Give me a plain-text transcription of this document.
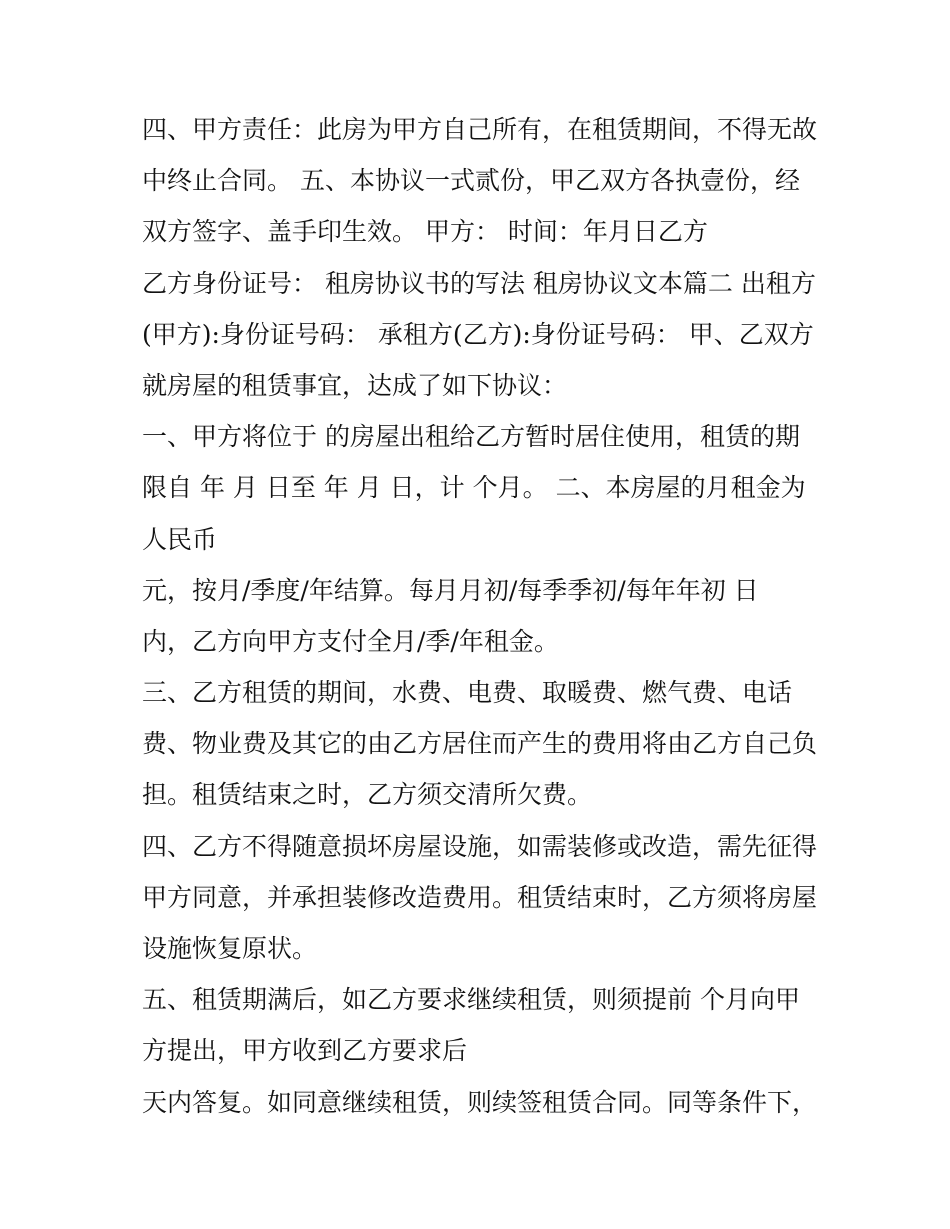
四、甲方责任：此房为甲方自己所有，在租赁期间，不得无故
中终止合同。 五、本协议一式贰份，甲乙双方各执壹份，经
双方签字、盖手印生效。 甲方： 时间：年月日乙方
乙方身份证号： 租房协议书的写法 租房协议文本篇二 出租方
(甲方):身份证号码： 承租方(乙方):身份证号码： 甲、乙双方
就房屋的租赁事宜，达成了如下协议：
一、甲方将位于 的房屋出租给乙方暂时居住使用，租赁的期
限自 年 月 日至 年 月 日，计 个月。 二、本房屋的月租金为
人民币
元，按月/季度/年结算。每月月初/每季季初/每年年初 日
内，乙方向甲方支付全月/季/年租金。
三、乙方租赁的期间，水费、电费、取暖费、燃气费、电话
费、物业费及其它的由乙方居住而产生的费用将由乙方自己负
担。租赁结束之时，乙方须交清所欠费。
四、乙方不得随意损坏房屋设施，如需装修或改造，需先征得
甲方同意，并承担装修改造费用。租赁结束时，乙方须将房屋
设施恢复原状。
五、租赁期满后，如乙方要求继续租赁，则须提前 个月向甲
方提出，甲方收到乙方要求后
天内答复。如同意继续租赁，则续签租赁合同。同等条件下，
